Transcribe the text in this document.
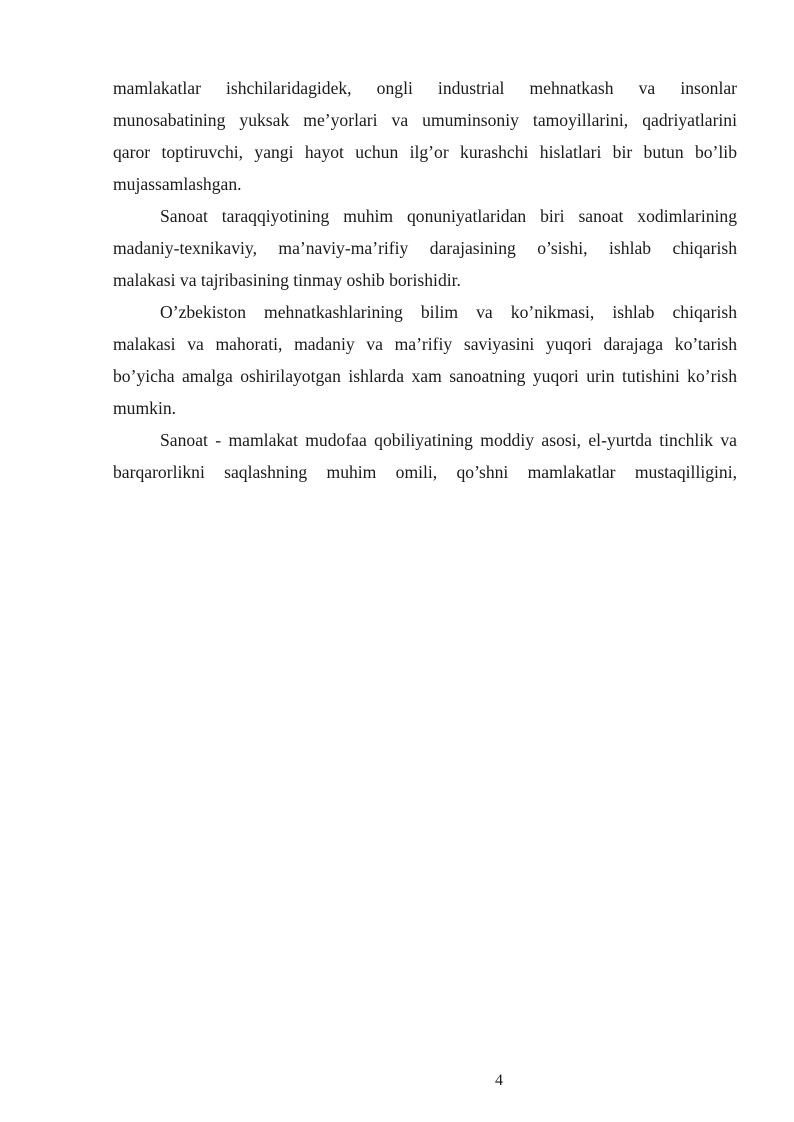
mamlakatlar ishchilaridagidek, ongli industrial mehnatkash va insonlar
munosabatining yuksak me’yorlari va umuminsoniy tamoyillarini, qadriyatlarini
qaror toptiruvchi, yangi hayot uchun ilg’or kurashchi hislatlari bir butun bo’lib
mujassamlashgan.
Sanoat taraqqiyotining muhim qonuniyatlaridan biri sanoat xodimlarining
madaniy-texnikaviy, ma’naviy-ma’rifiy darajasining o’sishi, ishlab chiqarish
malakasi va tajribasining tinmay oshib borishidir.
O’zbekiston mehnatkashlarining bilim va ko’nikmasi, ishlab chiqarish
malakasi va mahorati, madaniy va ma’rifiy saviyasini yuqori darajaga ko’tarish
bo’yicha amalga oshirilayotgan ishlarda xam sanoatning yuqori urin tutishini ko’rish
mumkin.
Sanoat - mamlakat mudofaa qobiliyatining moddiy asosi, el-yurtda tinchlik va
barqarorlikni saqlashning muhim omili, qo’shni mamlakatlar mustaqilligini,
4
